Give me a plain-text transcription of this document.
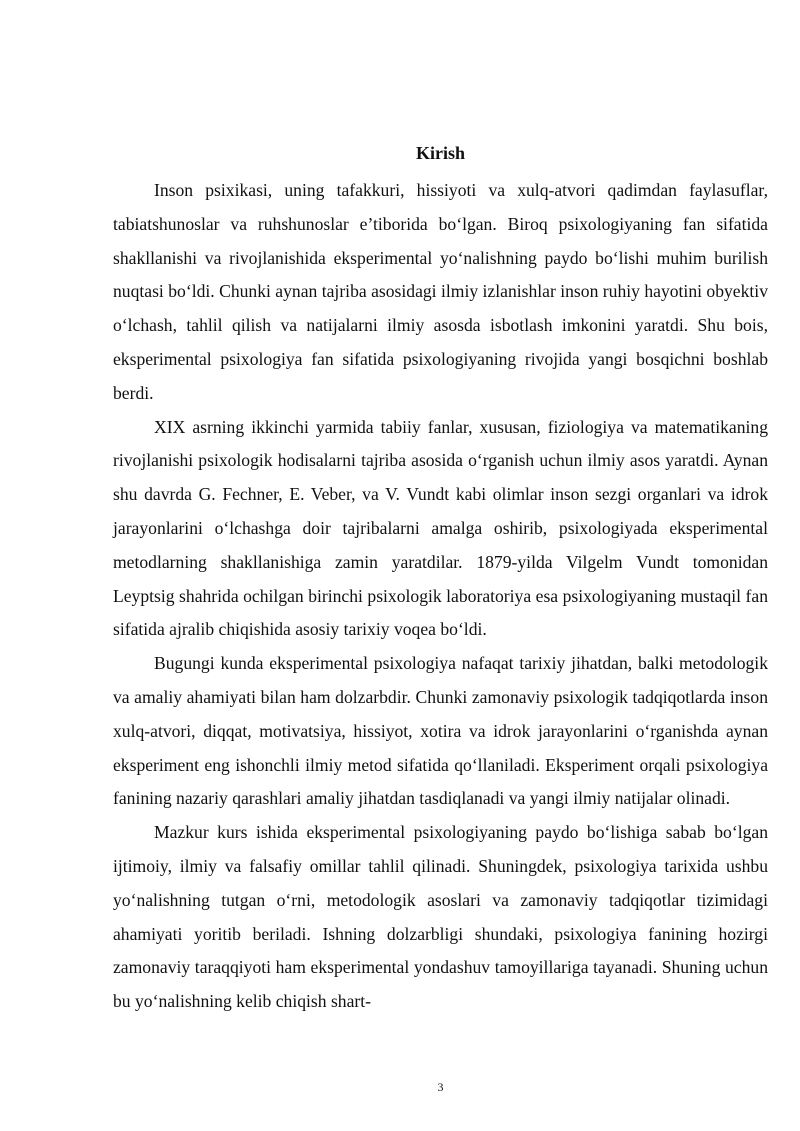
Kirish

Inson psixikasi, uning tafakkuri, hissiyoti va xulq-atvori qadimdan faylasuflar, tabiatshunoslar va ruhshunoslar e’tiborida bo‘lgan. Biroq psixologiyaning fan sifatida shakllanishi va rivojlanishida eksperimental yo‘nalishning paydo bo‘lishi muhim burilish nuqtasi bo‘ldi. Chunki aynan tajriba asosidagi ilmiy izlanishlar inson ruhiy hayotini obyektiv o‘lchash, tahlil qilish va natijalarni ilmiy asosda isbotlash imkonini yaratdi. Shu bois, eksperimental psixologiya fan sifatida psixologiyaning rivojida yangi bosqichni boshlab berdi.

XIX asrning ikkinchi yarmida tabiiy fanlar, xususan, fiziologiya va matematikaning rivojlanishi psixologik hodisalarni tajriba asosida o‘rganish uchun ilmiy asos yaratdi. Aynan shu davrda G. Fechner, E. Veber, va V. Vundt kabi olimlar inson sezgi organlari va idrok jarayonlarini o‘lchashga doir tajribalarni amalga oshirib, psixologiyada eksperimental metodlarning shakllanishiga zamin yaratdilar. 1879-yilda Vilgelm Vundt tomonidan Leyptsig shahrida ochilgan birinchi psixologik laboratoriya esa psixologiyaning mustaqil fan sifatida ajralib chiqishida asosiy tarixiy voqea bo‘ldi.

Bugungi kunda eksperimental psixologiya nafaqat tarixiy jihatdan, balki metodologik va amaliy ahamiyati bilan ham dolzarbdir. Chunki zamonaviy psixologik tadqiqotlarda inson xulq-atvori, diqqat, motivatsiya, hissiyot, xotira va idrok jarayonlarini o‘rganishda aynan eksperiment eng ishonchli ilmiy metod sifatida qo‘llaniladi. Eksperiment orqali psixologiya fanining nazariy qarashlari amaliy jihatdan tasdiqlanadi va yangi ilmiy natijalar olinadi.

Mazkur kurs ishida eksperimental psixologiyaning paydo bo‘lishiga sabab bo‘lgan ijtimoiy, ilmiy va falsafiy omillar tahlil qilinadi. Shuningdek, psixologiya tarixida ushbu yo‘nalishning tutgan o‘rni, metodologik asoslari va zamonaviy tadqiqotlar tizimidagi ahamiyati yoritib beriladi. Ishning dolzarbligi shundaki, psixologiya fanining hozirgi zamonaviy taraqqiyoti ham eksperimental yondashuv tamoyillariga tayanadi. Shuning uchun bu yo‘nalishning kelib chiqish shart-

3
